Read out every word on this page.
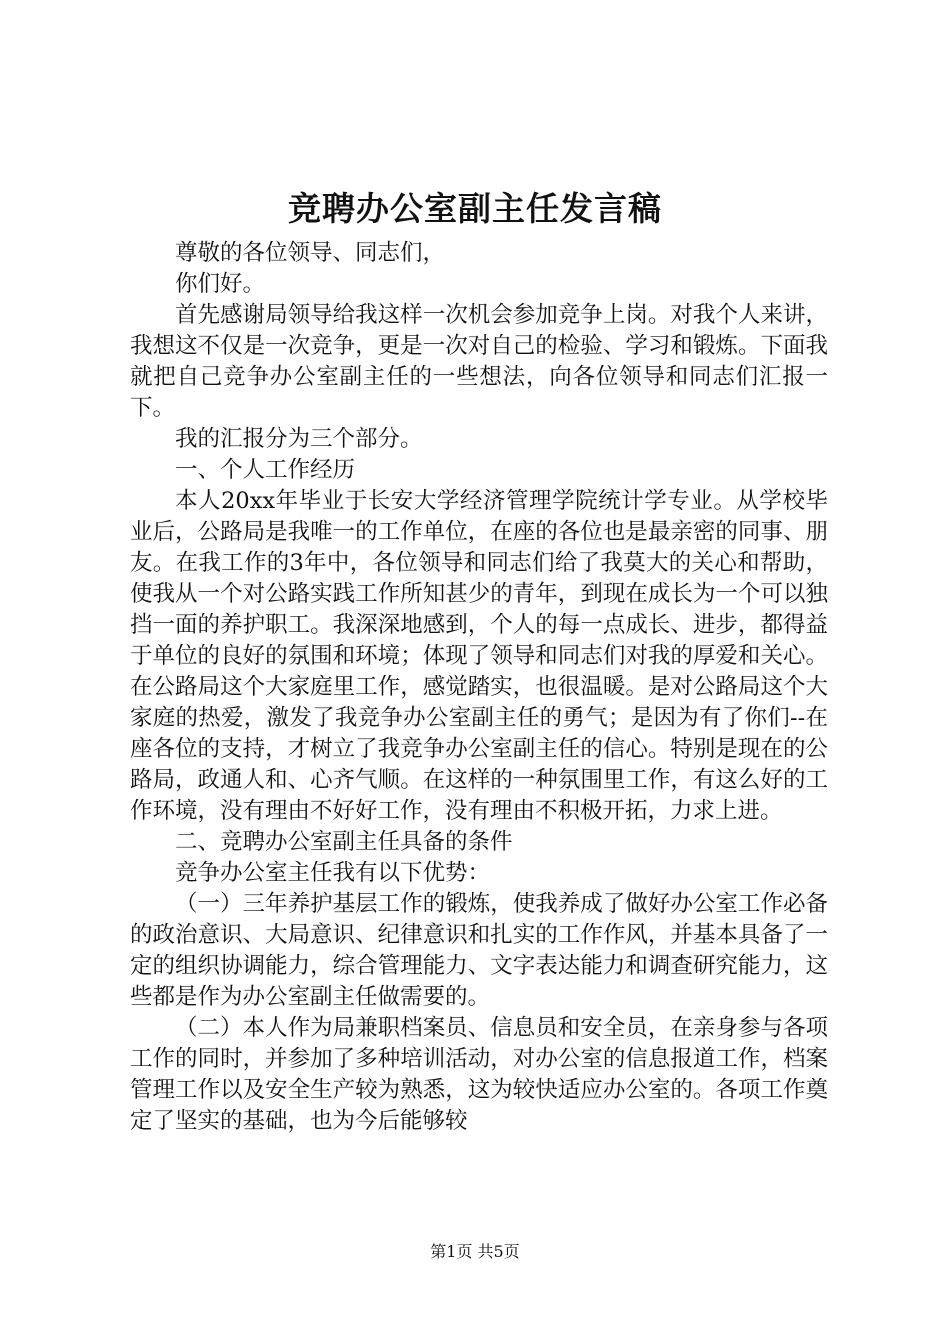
竞聘办公室副主任发言稿

尊敬的各位领导、同志们，

你们好。

首先感谢局领导给我这样一次机会参加竞争上岗。对我个人来讲，我想这不仅是一次竞争，更是一次对自己的检验、学习和锻炼。下面我就把自己竞争办公室副主任的一些想法，向各位领导和同志们汇报一下。

我的汇报分为三个部分。

一、个人工作经历

本人20xx年毕业于长安大学经济管理学院统计学专业。从学校毕业后，公路局是我唯一的工作单位，在座的各位也是最亲密的同事、朋友。在我工作的3年中，各位领导和同志们给了我莫大的关心和帮助，使我从一个对公路实践工作所知甚少的青年，到现在成长为一个可以独挡一面的养护职工。我深深地感到，个人的每一点成长、进步，都得益于单位的良好的氛围和环境；体现了领导和同志们对我的厚爱和关心。在公路局这个大家庭里工作，感觉踏实，也很温暖。是对公路局这个大家庭的热爱，激发了我竞争办公室副主任的勇气；是因为有了你们--在座各位的支持，才树立了我竞争办公室副主任的信心。特别是现在的公路局，政通人和、心齐气顺。在这样的一种氛围里工作，有这么好的工作环境，没有理由不好好工作，没有理由不积极开拓，力求上进。

二、竞聘办公室副主任具备的条件

竞争办公室主任我有以下优势：

（一）三年养护基层工作的锻炼，使我养成了做好办公室工作必备的政治意识、大局意识、纪律意识和扎实的工作作风，并基本具备了一定的组织协调能力，综合管理能力、文字表达能力和调查研究能力，这些都是作为办公室副主任做需要的。

（二）本人作为局兼职档案员、信息员和安全员，在亲身参与各项工作的同时，并参加了多种培训活动，对办公室的信息报道工作，档案管理工作以及安全生产较为熟悉，这为较快适应办公室的。各项工作奠定了坚实的基础，也为今后能够较

第1页 共5页
